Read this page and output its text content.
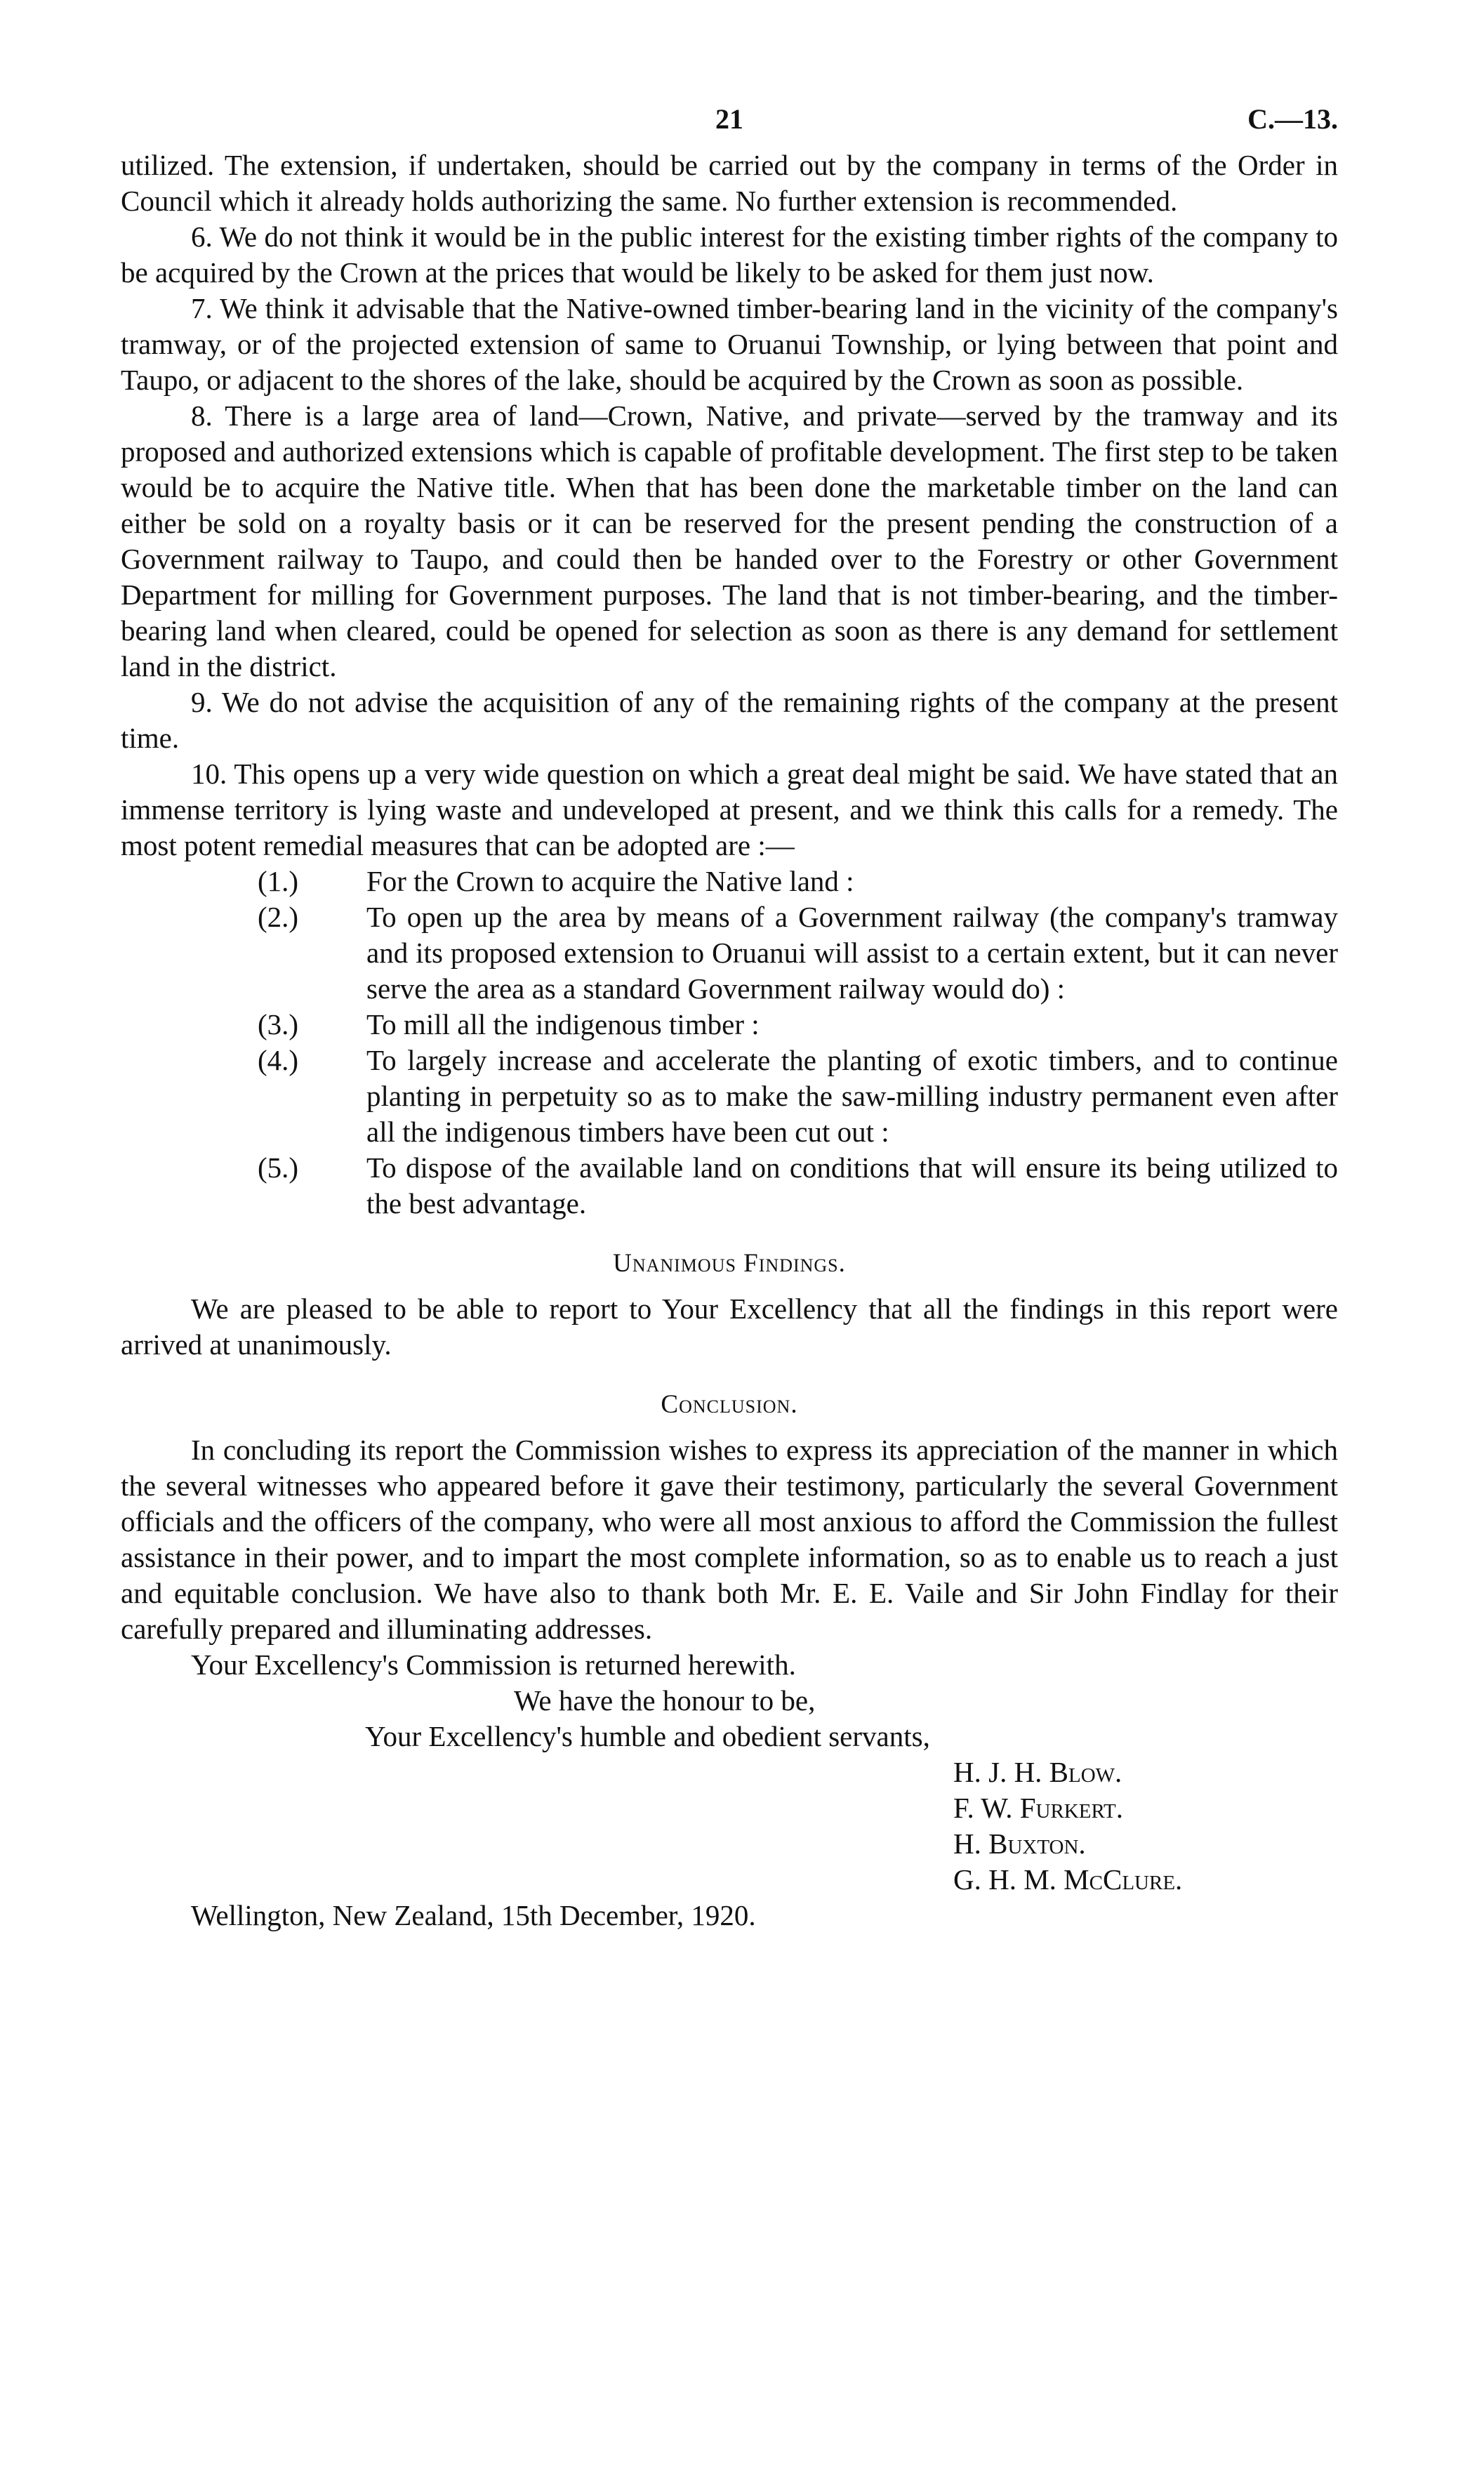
21	C.—13.

utilized. The extension, if undertaken, should be carried out by the company in terms of the Order in Council which it already holds authorizing the same. No further extension is recommended.

6. We do not think it would be in the public interest for the existing timber rights of the company to be acquired by the Crown at the prices that would be likely to be asked for them just now.

7. We think it advisable that the Native-owned timber-bearing land in the vicinity of the company's tramway, or of the projected extension of same to Oruanui Township, or lying between that point and Taupo, or adjacent to the shores of the lake, should be acquired by the Crown as soon as possible.

8. There is a large area of land—Crown, Native, and private—served by the tramway and its proposed and authorized extensions which is capable of profitable development. The first step to be taken would be to acquire the Native title. When that has been done the marketable timber on the land can either be sold on a royalty basis or it can be reserved for the present pending the construction of a Government railway to Taupo, and could then be handed over to the Forestry or other Government Department for milling for Government purposes. The land that is not timber-bearing, and the timber-bearing land when cleared, could be opened for selection as soon as there is any demand for settlement land in the district.

9. We do not advise the acquisition of any of the remaining rights of the company at the present time.

10. This opens up a very wide question on which a great deal might be said. We have stated that an immense territory is lying waste and undeveloped at present, and we think this calls for a remedy. The most potent remedial measures that can be adopted are :—

(1.) For the Crown to acquire the Native land :
(2.) To open up the area by means of a Government railway (the company's tramway and its proposed extension to Oruanui will assist to a certain extent, but it can never serve the area as a standard Government railway would do) :
(3.) To mill all the indigenous timber :
(4.) To largely increase and accelerate the planting of exotic timbers, and to continue planting in perpetuity so as to make the saw-milling industry permanent even after all the indigenous timbers have been cut out :
(5.) To dispose of the available land on conditions that will ensure its being utilized to the best advantage.
Unanimous Findings.

We are pleased to be able to report to Your Excellency that all the findings in this report were arrived at unanimously.

Conclusion.

In concluding its report the Commission wishes to express its appreciation of the manner in which the several witnesses who appeared before it gave their testimony, particularly the several Government officials and the officers of the company, who were all most anxious to afford the Commission the fullest assistance in their power, and to impart the most complete information, so as to enable us to reach a just and equitable conclusion. We have also to thank both Mr. E. E. Vaile and Sir John Findlay for their carefully prepared and illuminating addresses.

Your Excellency's Commission is returned herewith.

We have the honour to be,
Your Excellency's humble and obedient servants,
H. J. H. Blow.
F. W. Furkert.
H. Buxton.
G. H. M. McClure.
Wellington, New Zealand, 15th December, 1920.
